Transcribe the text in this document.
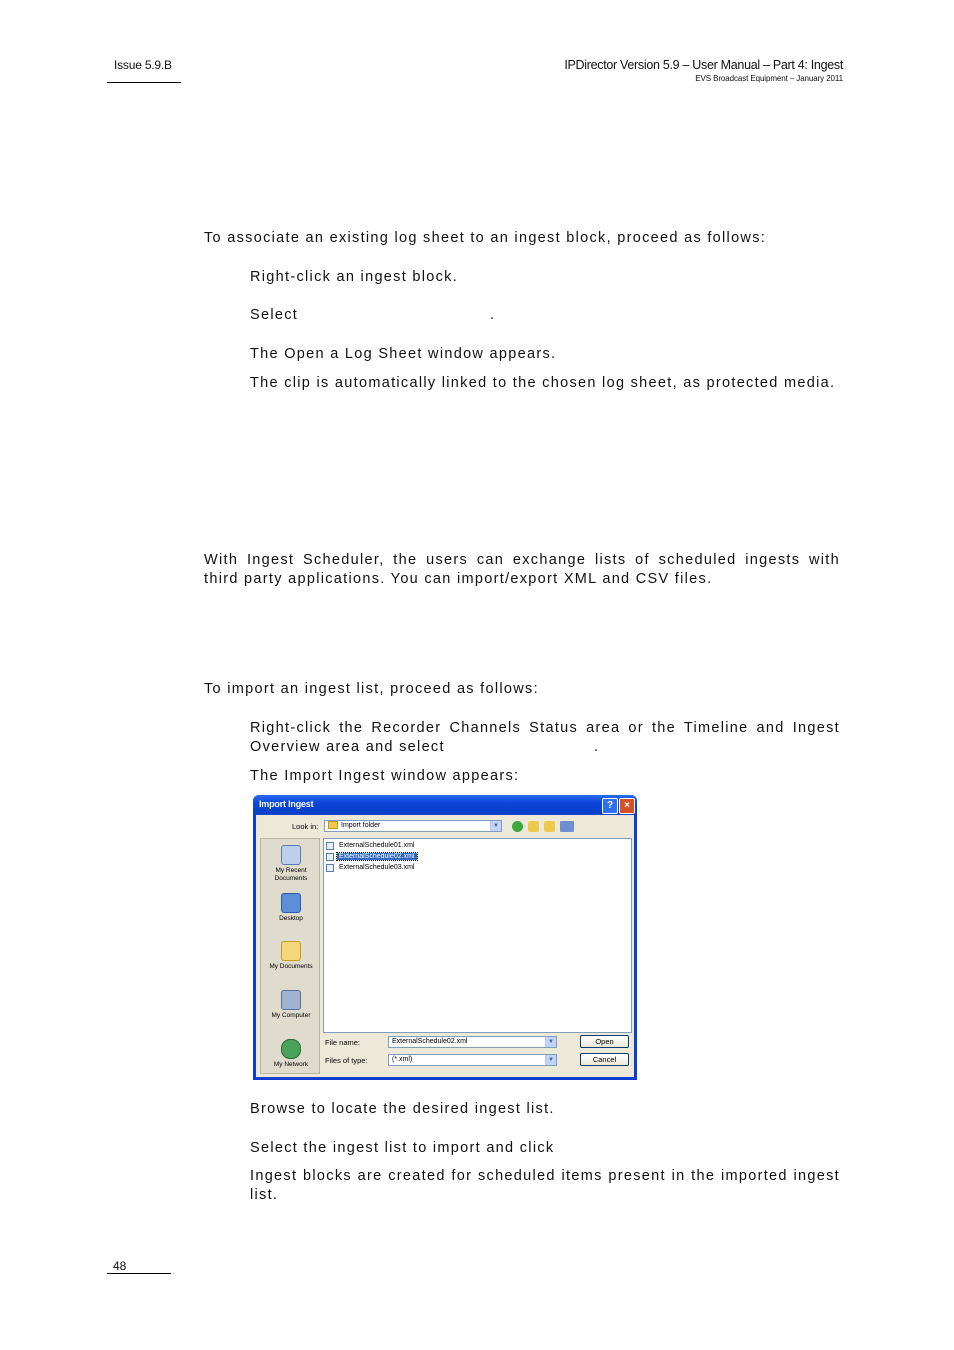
Issue 5.9.B	IPDirector Version 5.9 – User Manual – Part 4: Ingest
EVS Broadcast Equipment – January 2011
To associate an existing log sheet to an ingest block, proceed as follows:
Right-click an ingest block.
Select	.
The Open a Log Sheet window appears.
The clip is automatically linked to the chosen log sheet, as protected media.
With Ingest Scheduler, the users can exchange lists of scheduled ingests with
third party applications. You can import/export XML and CSV files.
To import an ingest list, proceed as follows:
Right-click the Recorder Channels Status area or the Timeline and Ingest
Overview area and select	.
The Import Ingest window appears:
Import Ingest	?	×
Look in:	Import folder	▼
My Recent
Documents
Desktop
My Documents
My Computer
My Network
ExternalSchedule01.xml
ExternalSchedule02.xml
ExternalSchedule03.xml
File name:	ExternalSchedule02.xml	▼
Files of type:	(*.xml)	▼
Open
Cancel
Browse to locate the desired ingest list.
Select the ingest list to import and click
Ingest blocks are created for scheduled items present in the imported ingest
list.
48
